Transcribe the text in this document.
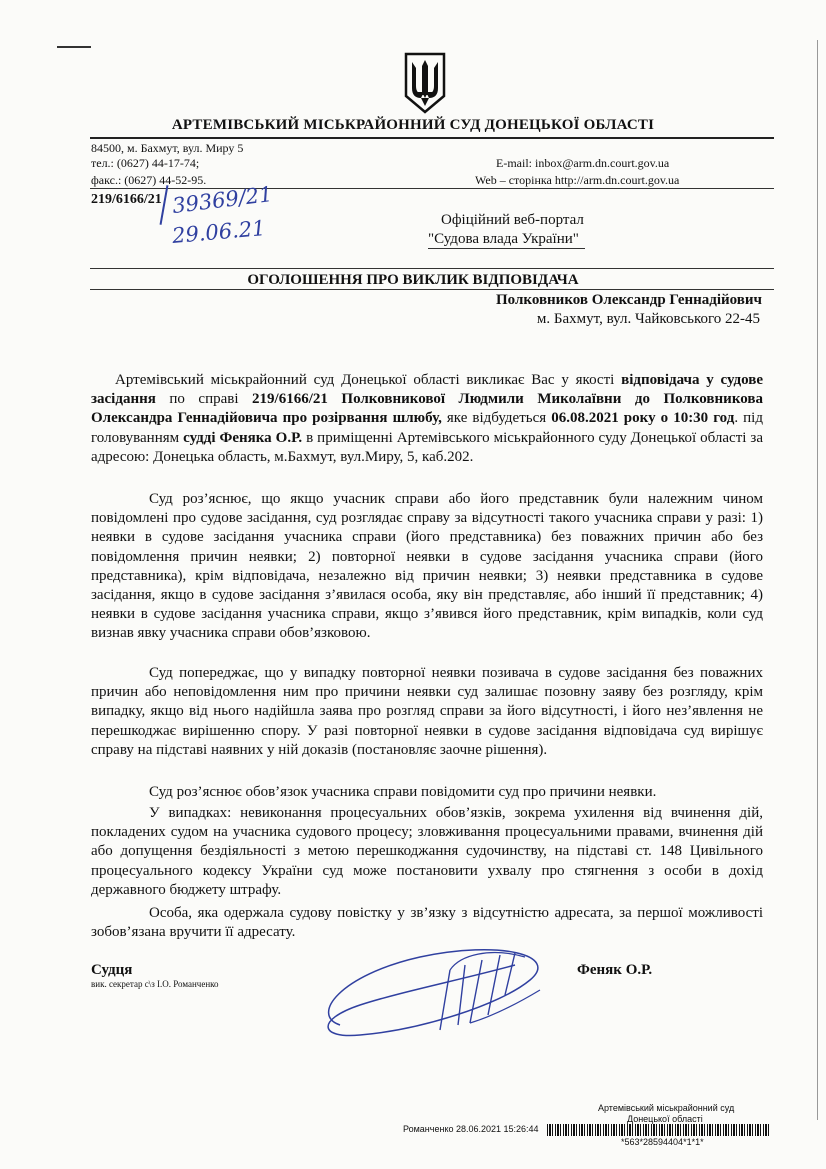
АРТЕМІВСЬКИЙ МІСЬКРАЙОННИЙ СУД ДОНЕЦЬКОЇ ОБЛАСТІ
84500, м. Бахмут, вул. Миру 5
тел.: (0627) 44-17-74;
факс.: (0627) 44-52-95.
E-mail: inbox@arm.dn.court.gov.ua
Web – сторінка http://arm.dn.court.gov.ua
219/6166/21 39369/21
29.06.21	Офіційний веб-портал
"Судова влада України"
ОГОЛОШЕННЯ ПРО ВИКЛИК ВІДПОВІДАЧА
Полковников Олександр Геннадійович
м. Бахмут, вул. Чайковського 22-45
Артемівський міськрайонний суд Донецької області викликає Вас у якості відповідача у судове засідання по справі 219/6166/21 Полковникової Людмили Миколаївни до Полковникова Олександра Геннадійовича про розірвання шлюбу, яке відбудеться 06.08.2021 року о 10:30 год. під головуванням судді Феняка О.Р. в приміщенні Артемівського міськрайонного суду Донецької області за адресою: Донецька область, м.Бахмут, вул.Миру, 5, каб.202.
Суд роз’яснює, що якщо учасник справи або його представник були належним чином повідомлені про судове засідання, суд розглядає справу за відсутності такого учасника справи у разі: 1) неявки в судове засідання учасника справи (його представника) без поважних причин або без повідомлення причин неявки; 2) повторної неявки в судове засідання учасника справи (його представника), крім відповідача, незалежно від причин неявки; 3) неявки представника в судове засідання, якщо в судове засідання з’явилася особа, яку він представляє, або інший її представник; 4) неявки в судове засідання учасника справи, якщо з’явився його представник, крім випадків, коли суд визнав явку учасника справи обов’язковою.
Суд попереджає, що у випадку повторної неявки позивача в судове засідання без поважних причин або неповідомлення ним про причини неявки суд залишає позовну заяву без розгляду, крім випадку, якщо від нього надійшла заява про розгляд справи за його відсутності, і його нез’явлення не перешкоджає вирішенню спору. У разі повторної неявки в судове засідання відповідача суд вирішує справу на підставі наявних у ній доказів (постановляє заочне рішення).
Суд роз’яснює обов’язок учасника справи повідомити суд про причини неявки.
У випадках: невиконання процесуальних обов’язків, зокрема ухилення від вчинення дій, покладених судом на учасника судового процесу; зловживання процесуальними правами, вчинення дій або допущення бездіяльності з метою перешкоджання судочинству, на підставі ст. 148 Цивільного процесуального кодексу України суд може постановити ухвалу про стягнення з особи в дохід державного бюджету штрафу.
Особа, яка одержала судову повістку у зв’язку з відсутністю адресата, за першої можливості зобов’язана вручити її адресату.
Судця
вик. секретар с\з І.О. Романченко
Феняк О.Р.
Артемівський міськрайонний суд
Донецької області
Романченко 28.06.2021 15:26:44
*563*28594404*1*1*
